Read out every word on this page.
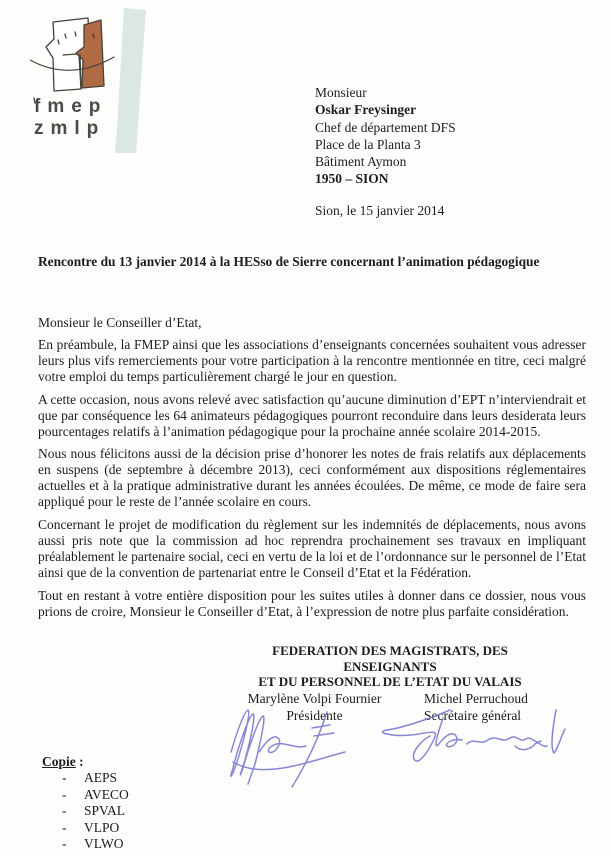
fmep
zmlp
Monsieur
Oskar Freysinger
Chef de département DFS
Place de la Planta 3
Bâtiment Aymon
1950 – SION
Sion, le 15 janvier 2014
Rencontre du 13 janvier 2014 à la HESso de Sierre concernant l’animation pédagogique
Monsieur le Conseiller d’Etat,

En préambule, la FMEP ainsi que les associations d’enseignants concernées souhaitent vous adresser leurs plus vifs remerciements pour votre participation à la rencontre mentionnée en titre, ceci malgré votre emploi du temps particulièrement chargé le jour en question.

A cette occasion, nous avons relevé avec satisfaction qu’aucune diminution d’EPT n’interviendrait et que par conséquence les 64 animateurs pédagogiques pourront reconduire dans leurs desiderata leurs pourcentages relatifs à l’animation pédagogique pour la prochaine année scolaire 2014-2015.

Nous nous félicitons aussi de la décision prise d’honorer les notes de frais relatifs aux déplacements en suspens (de septembre à décembre 2013), ceci conformément aux dispositions réglementaires actuelles et à la pratique administrative durant les années écoulées. De même, ce mode de faire sera appliqué pour le reste de l’année scolaire en cours.

Concernant le projet de modification du règlement sur les indemnités de déplacements, nous avons aussi pris note que la commission ad hoc reprendra prochainement ses travaux en impliquant préalablement le partenaire social, ceci en vertu de la loi et de l’ordonnance sur le personnel de l’Etat ainsi que de la convention de partenariat entre le Conseil d’Etat et la Fédération.

Tout en restant à votre entière disposition pour les suites utiles à donner dans ce dossier, nous vous prions de croire, Monsieur le Conseiller d’Etat, à l’expression de notre plus parfaite considération.

FEDERATION DES MAGISTRATS, DES ENSEIGNANTS
ET DU PERSONNEL DE L’ETAT DU VALAIS
Marylène Volpi Fournier
Présidente
Michel Perruchoud
Secrétaire général
Copie :
- AEPS
- AVECO
- SPVAL
- VLPO
- VLWO
